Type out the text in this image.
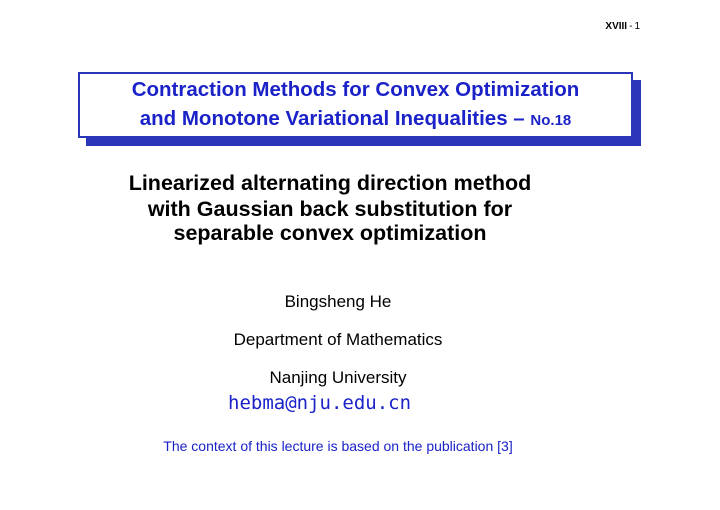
XVIII - 1
Contraction Methods for Convex Optimization
and Monotone Variational Inequalities – No.18
Linearized alternating direction method
with Gaussian back substitution for
separable convex optimization
Bingsheng He
Department of Mathematics
Nanjing University
hebma@nju.edu.cn
The context of this lecture is based on the publication [3]
